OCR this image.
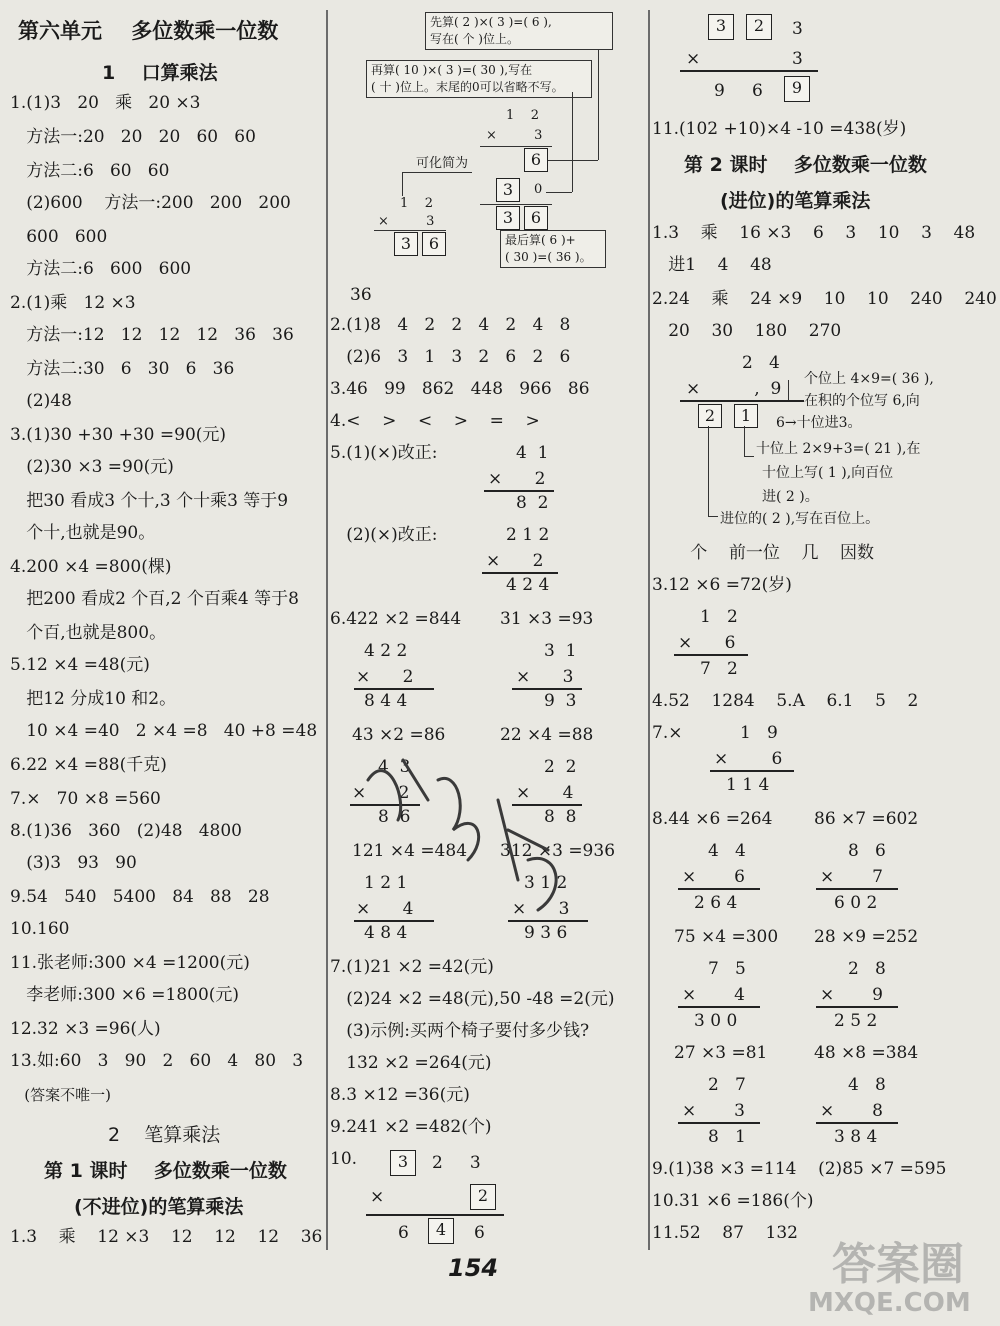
第六单元    多位数乘一位数
1    口算乘法
1.(1)3   20   乘   20 ×3
方法一:20   20   20   60   60
方法二:6   60   60
(2)600    方法一:200   200   200
600   600
方法二:6   600   600
2.(1)乘   12 ×3
方法一:12   12   12   12   36   36
方法二:30   6   30   6   36
(2)48
3.(1)30 +30 +30 =90(元)
(2)30 ×3 =90(元)
把30 看成3 个十,3 个十乘3 等于9
个十,也就是90。
4.200 ×4 =800(棵)
把200 看成2 个百,2 个百乘4 等于8
个百,也就是800。
5.12 ×4 =48(元)
把12 分成10 和2。
10 ×4 =40   2 ×4 =8   40 +8 =48
6.22 ×4 =88(千克)
7.×   70 ×8 =560
8.(1)36   360   (2)48   4800
(3)3   93   90
9.54   540   5400   84   88   28
10.160
11.张老师:300 ×4 =1200(元)
李老师:300 ×6 =1800(元)
12.32 ×3 =96(人)
13.如:60   3   90   2   60   4   80   3
(答案不唯一)
2    笔算乘法
第 1 课时    多位数乘一位数
(不进位)的笔算乘法
1.3    乘    12 ×3    12    12    12    36
先算( 2 )×( 3 )=( 6 ),
写在( 个 )位上。
再算( 10 )×( 3 )=( 30 ),写在
( 十 )位上。末尾的0可以省略不写。
可化简为
1    2
×         3
6
3	0
3	6
1    2
×         3
3	6	最后算( 6 )+
( 30 )=( 36 )。
36
2.(1)8   4   2   2   4   2   4   8
(2)6   3   1   3   2   6   2   6
3.46   99   862   448   966   86
4.<    >    <    >    =    >
5.(1)(×)改正:	4  1
×      2
8  2
(2)(×)改正:	2 1 2
×      2
4 2 4
6.422 ×2 =844 31 ×3 =93
4 2 2
×      2
8 4 4
3  1
×      3
9  3
43 ×2 =86	22 ×4 =88
4  3
×      2
8  6
2  2
×      4
8  8
121 ×4 =484 312 ×3 =936
1 2 1
×      4
4 8 4
3 1 2
×      3
9 3 6
7.(1)21 ×2 =42(元)
(2)24 ×2 =48(元),50 -48 =2(元)
(3)示例:买两个椅子要付多少钱?
132 ×2 =264(元)
8.3 ×12 =36(元)
9.241 ×2 =482(个)
10.	3	2     3
×	2
6	4	6
3	2	3
×	3
9 6	9
11.(102 +10)×4 -10 =438(岁)
第 2 课时    多位数乘一位数
(进位)的笔算乘法
1.3    乘    16 ×3    6    3    10    3    48
进1    4    48
2.24    乘    24 ×9    10    10    240    240
20    30    180    270
2   4
×          ,  9
2	1
个位上 4×9=( 36 ),
在积的个位写 6,向
6→十位进3。
十位上 2×9+3=( 21 ),在
十位上写( 1 ),向百位
进( 2 )。
进位的( 2 ),写在百位上。
个    前一位    几    因数
3.12 ×6 =72(岁)
1   2
×      6
7   2
4.52    1284    5.A    6.1    5    2
7.×	1   9
×        6
1 1 4
8.44 ×6 =264 86 ×7 =602
4   4
×       6
2 6 4
8   6
×       7
6 0 2
75 ×4 =300 28 ×9 =252
7   5
×       4
3 0 0
2   8
×       9
2 5 2
27 ×3 =81	48 ×8 =384
2   7
×       3
8   1
4   8
×       8
3 8 4
9.(1)38 ×3 =114    (2)85 ×7 =595
10.31 ×6 =186(个)
11.52    87    132
154	答案圈
MXQE.COM
